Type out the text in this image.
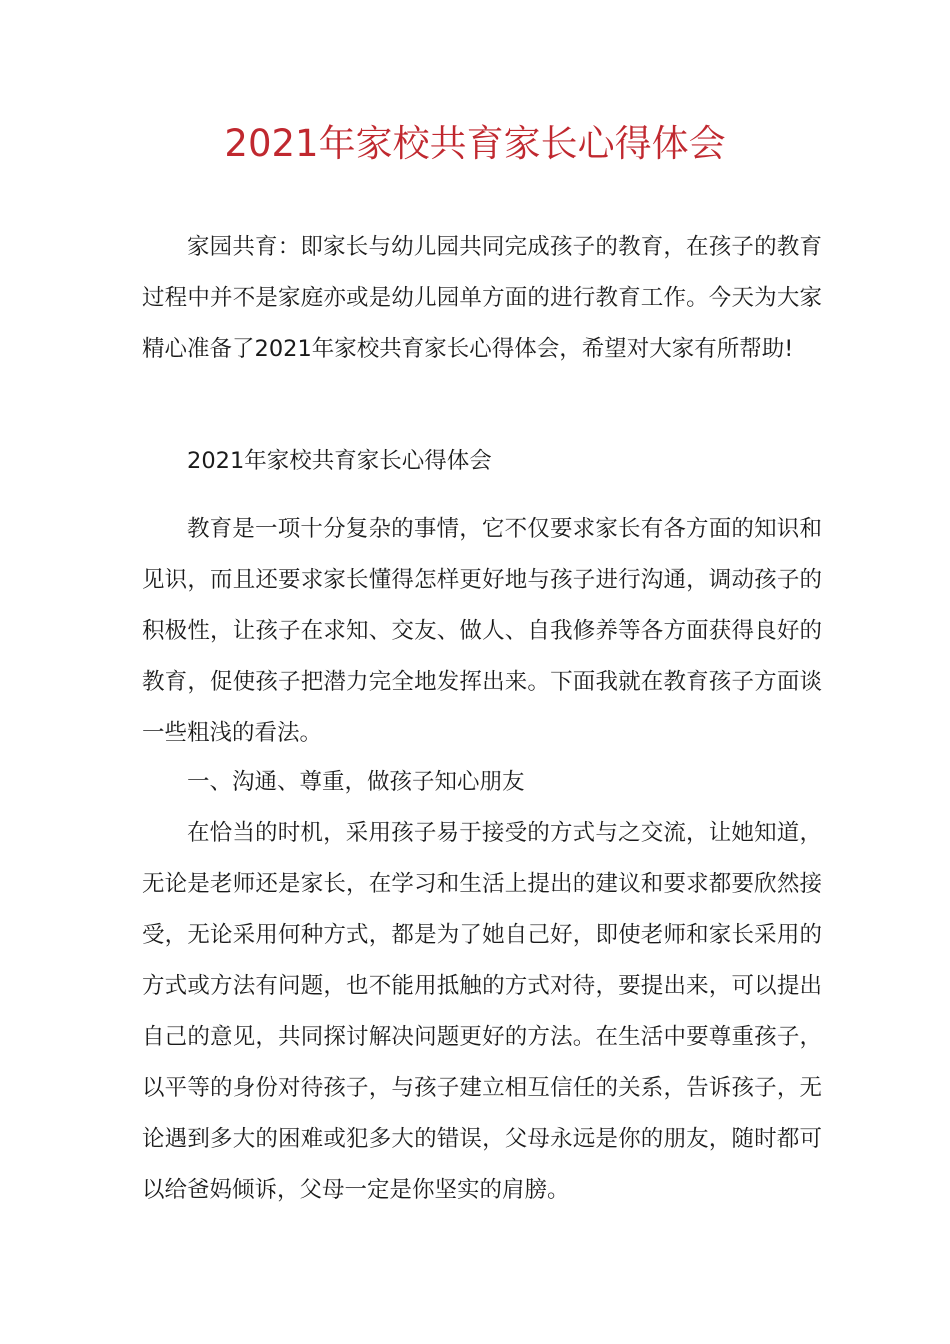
2021年家校共育家长心得体会

家园共育：即家长与幼儿园共同完成孩子的教育，在孩子的教育过程中并不是家庭亦或是幼儿园单方面的进行教育工作。今天为大家精心准备了2021年家校共育家长心得体会，希望对大家有所帮助!

2021年家校共育家长心得体会

教育是一项十分复杂的事情，它不仅要求家长有各方面的知识和见识，而且还要求家长懂得怎样更好地与孩子进行沟通，调动孩子的积极性，让孩子在求知、交友、做人、自我修养等各方面获得良好的教育，促使孩子把潜力完全地发挥出来。下面我就在教育孩子方面谈一些粗浅的看法。

一、沟通、尊重，做孩子知心朋友

在恰当的时机，采用孩子易于接受的方式与之交流，让她知道，无论是老师还是家长，在学习和生活上提出的建议和要求都要欣然接受，无论采用何种方式，都是为了她自己好，即使老师和家长采用的方式或方法有问题，也不能用抵触的方式对待，要提出来，可以提出自己的意见，共同探讨解决问题更好的方法。在生活中要尊重孩子，以平等的身份对待孩子，与孩子建立相互信任的关系，告诉孩子，无论遇到多大的困难或犯多大的错误，父母永远是你的朋友，随时都可以给爸妈倾诉，父母一定是你坚实的肩膀。
